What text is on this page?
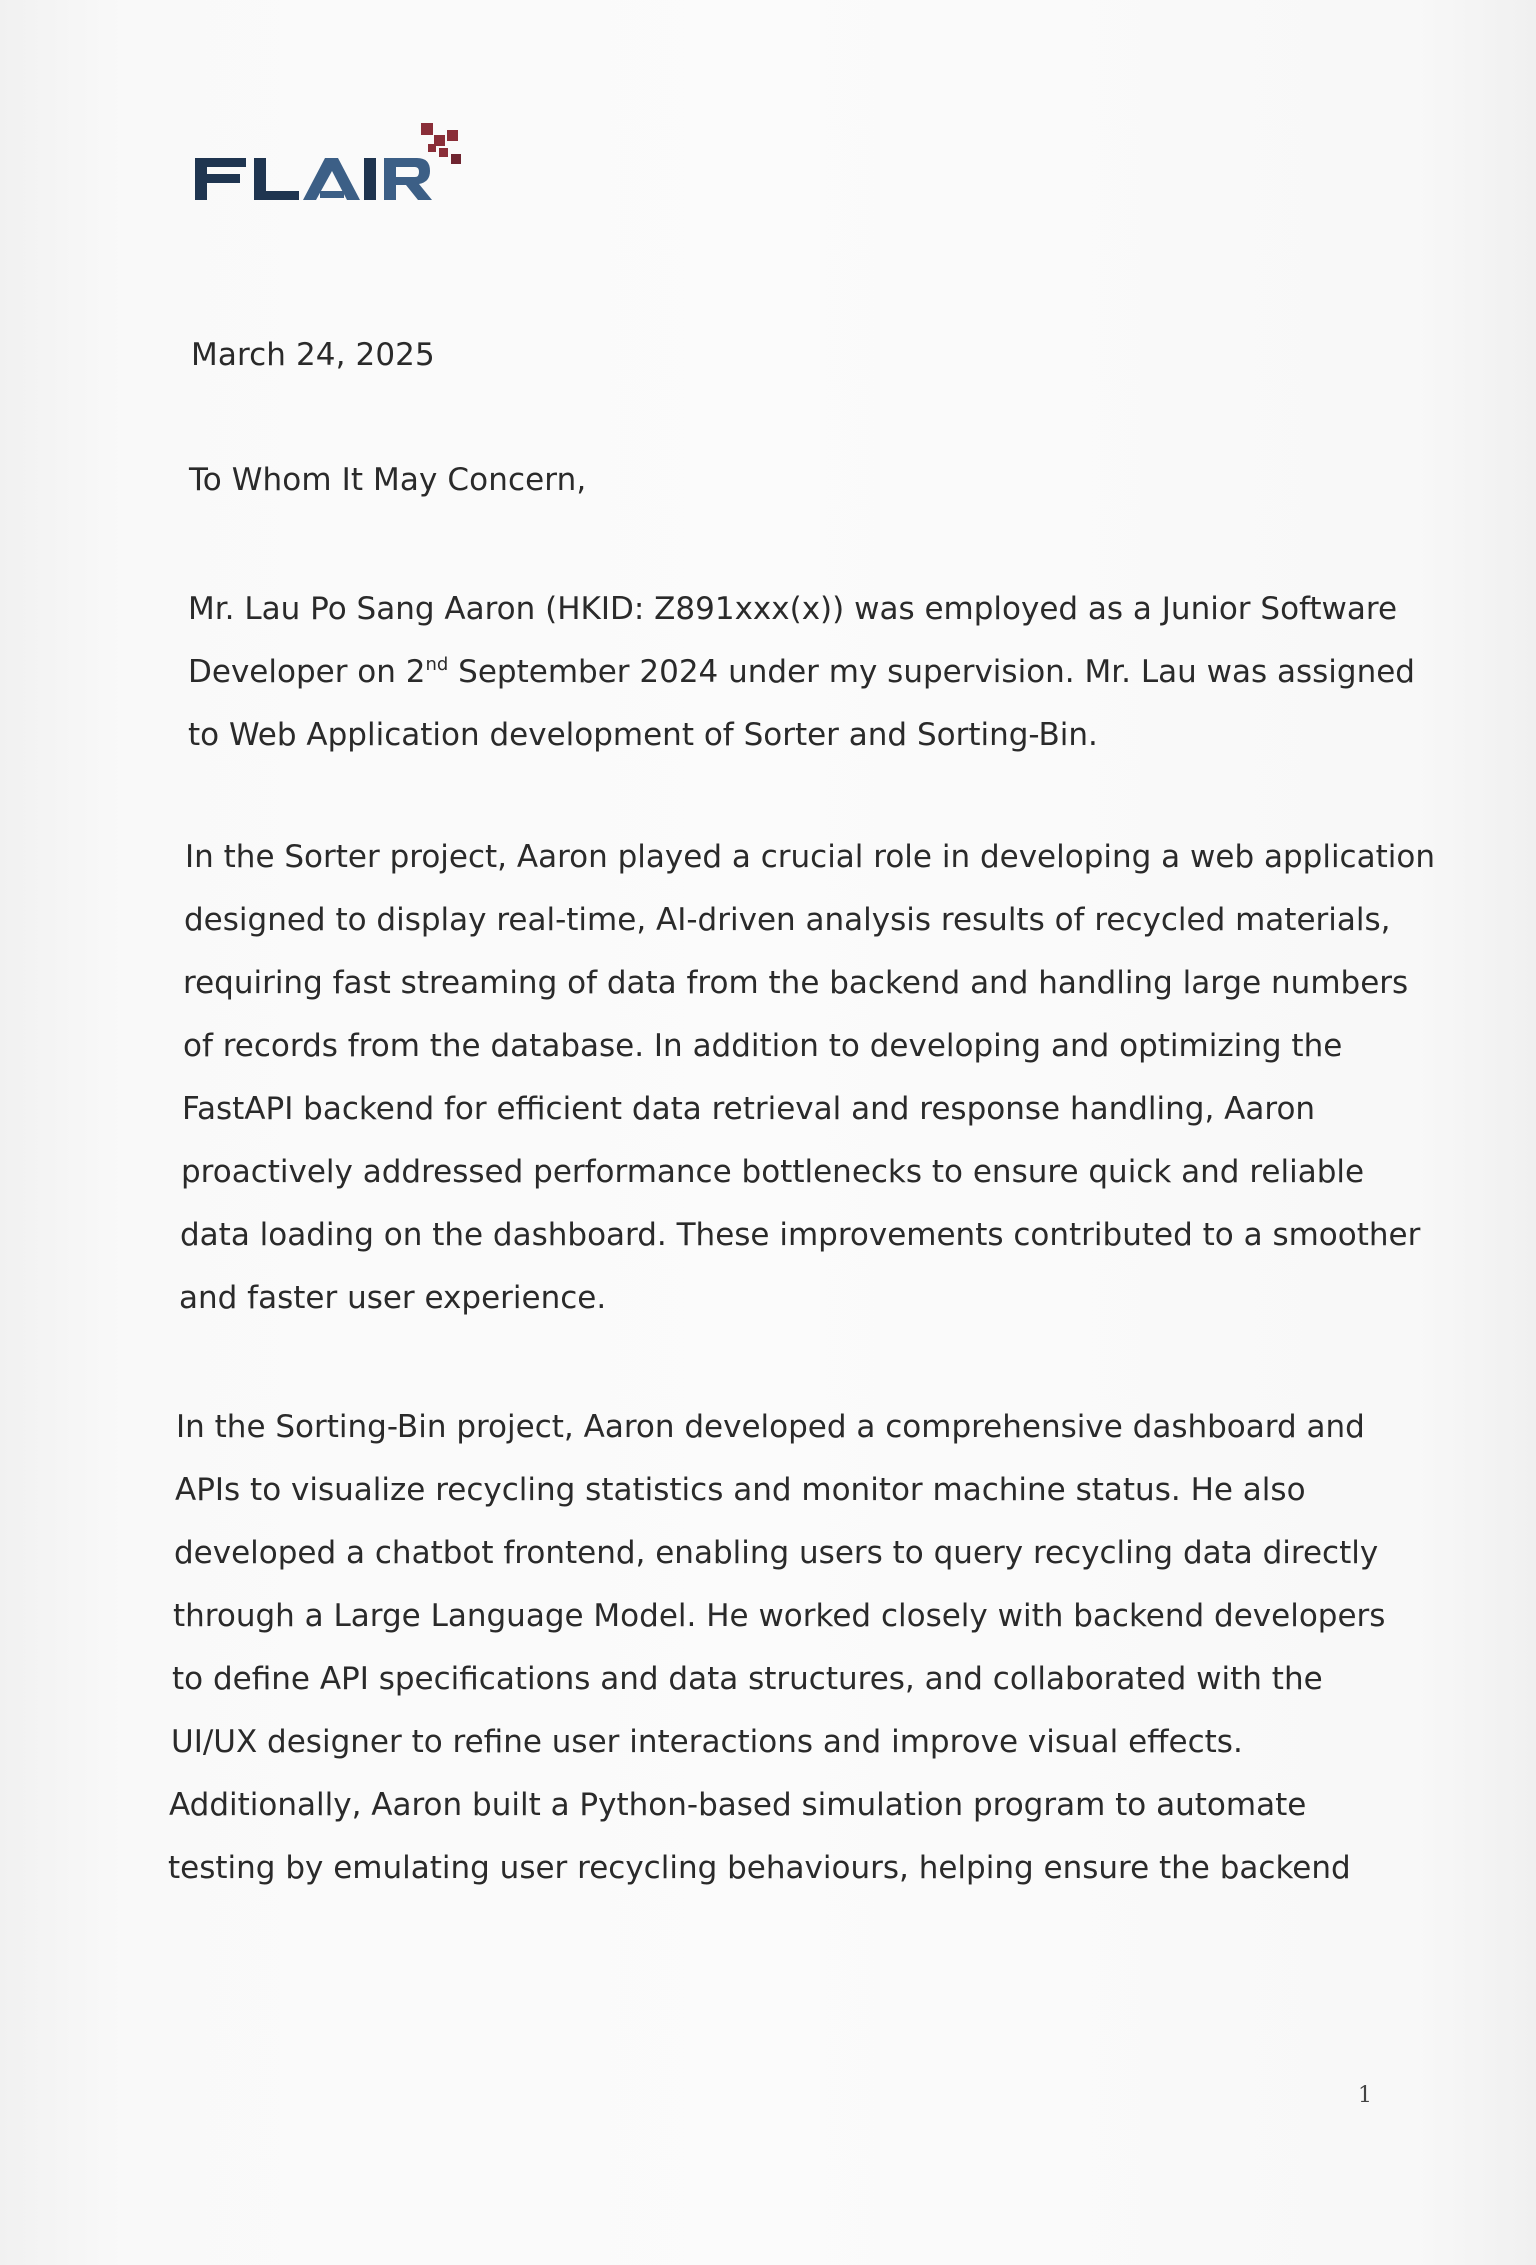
March 24, 2025
To Whom It May Concern,
Mr. Lau Po Sang Aaron (HKID: Z891xxx(x)) was employed as a Junior Software
Developer on 2nd September 2024 under my supervision. Mr. Lau was assigned
to Web Application development of Sorter and Sorting-Bin.
In the Sorter project, Aaron played a crucial role in developing a web application
designed to display real-time, AI-driven analysis results of recycled materials,
requiring fast streaming of data from the backend and handling large numbers
of records from the database. In addition to developing and optimizing the
FastAPI backend for efficient data retrieval and response handling, Aaron
proactively addressed performance bottlenecks to ensure quick and reliable
data loading on the dashboard. These improvements contributed to a smoother
and faster user experience.
In the Sorting-Bin project, Aaron developed a comprehensive dashboard and
APIs to visualize recycling statistics and monitor machine status. He also
developed a chatbot frontend, enabling users to query recycling data directly
through a Large Language Model. He worked closely with backend developers
to define API specifications and data structures, and collaborated with the
UI/UX designer to refine user interactions and improve visual effects.
Additionally, Aaron built a Python-based simulation program to automate
testing by emulating user recycling behaviours, helping ensure the backend
1
